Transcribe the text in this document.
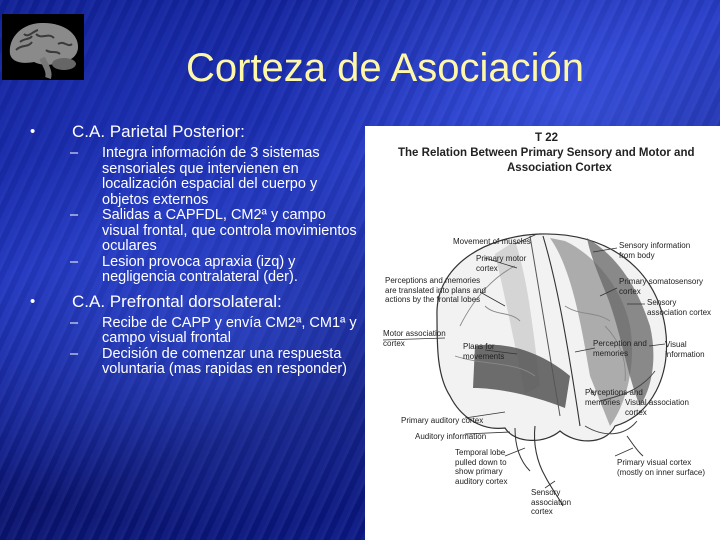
Corteza de Asociación
• C.A. Parietal Posterior:
– Integra información de 3 sistemas sensoriales que intervienen en localización espacial del cuerpo y objetos externos
– Salidas a CAPFDL, CM2ª y campo visual frontal, que controla movimientos oculares
– Lesion provoca apraxia (izq) y negligencia contralateral (der).
• C.A. Prefrontal dorsolateral:
– Recibe de CAPP y envía CM2ª, CM1ª y campo visual frontal
– Decisión de comenzar una respuesta voluntaria (mas rapidas en responder)
T 22
The Relation Between Primary Sensory and Motor and
Association Cortex
Movement of muscles
Primary motor cortex
Sensory information from body
Primary somatosensory cortex
Sensory association cortex
Perceptions and memories are translated into plans and actions by the frontal lobes
Motor association cortex	Plans for movements
Perception and memories
Visual information
Perceptions and memories Visual association cortex
Primary auditory cortex
Auditory information
Temporal lobe pulled down to show primary auditory cortex
Primary visual cortex (mostly on inner surface)
Sensory association cortex
